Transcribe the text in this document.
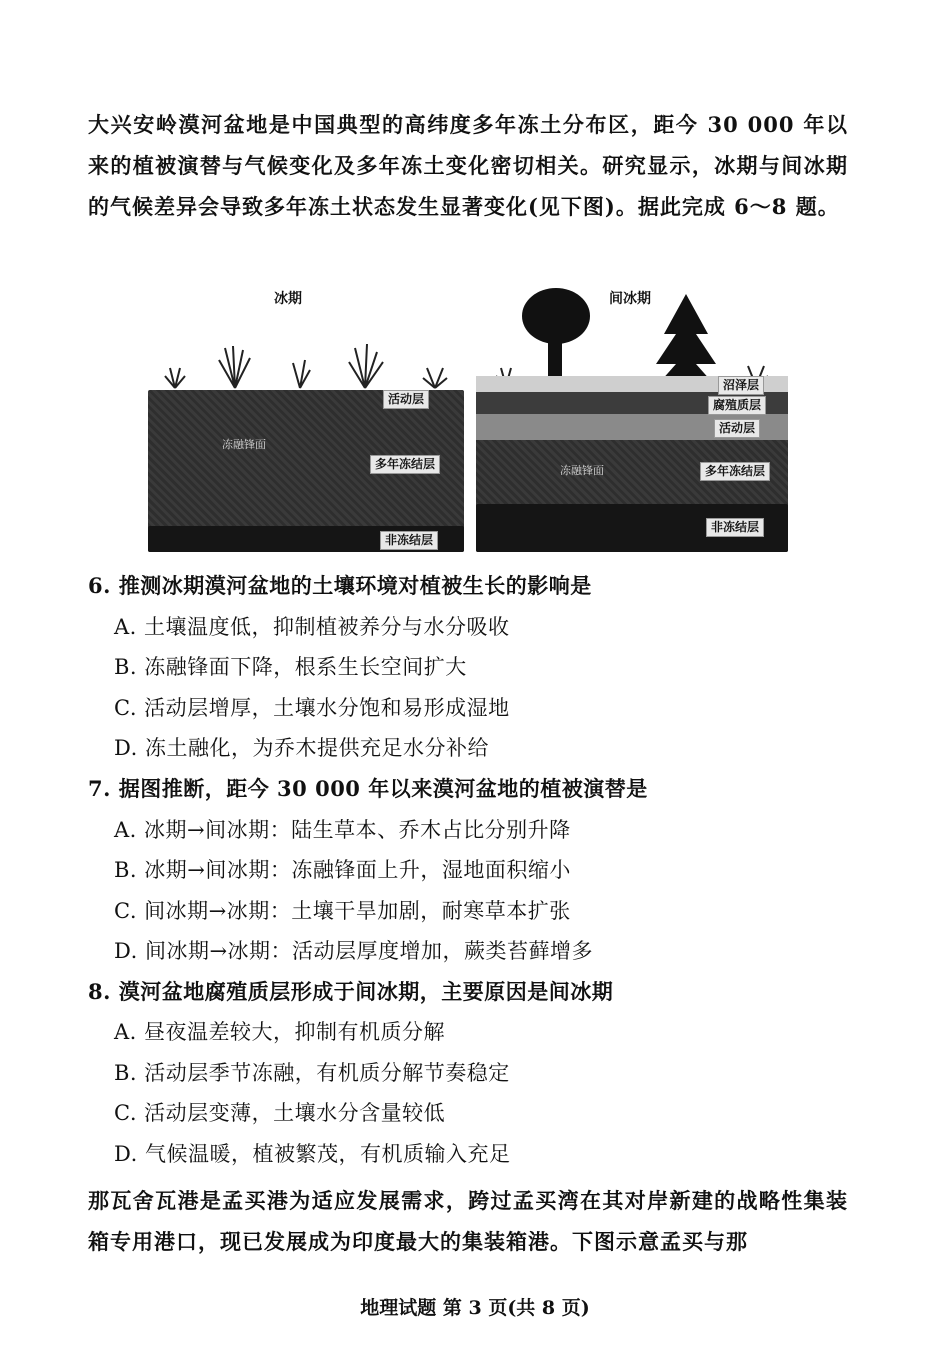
大兴安岭漠河盆地是中国典型的高纬度多年冻土分布区，距今 30 000 年以来的植被演替与气候变化及多年冻土变化密切相关。研究显示，冰期与间冰期的气候差异会导致多年冻土状态发生显著变化(见下图)。据此完成 6～8 题。
冰期
活动层
冻融锋面
多年冻结层
非冻结层
间冰期
沼泽层
腐殖质层
活动层
冻融锋面	多年冻结层
非冻结层
6. 推测冰期漠河盆地的土壤环境对植被生长的影响是
A. 土壤温度低，抑制植被养分与水分吸收
B. 冻融锋面下降，根系生长空间扩大
C. 活动层增厚，土壤水分饱和易形成湿地
D. 冻土融化，为乔木提供充足水分补给
7. 据图推断，距今 30 000 年以来漠河盆地的植被演替是
A. 冰期→间冰期：陆生草本、乔木占比分别升降
B. 冰期→间冰期：冻融锋面上升，湿地面积缩小
C. 间冰期→冰期：土壤干旱加剧，耐寒草本扩张
D. 间冰期→冰期：活动层厚度增加，蕨类苔藓增多
8. 漠河盆地腐殖质层形成于间冰期，主要原因是间冰期
A. 昼夜温差较大，抑制有机质分解
B. 活动层季节冻融，有机质分解节奏稳定
C. 活动层变薄，土壤水分含量较低
D. 气候温暖，植被繁茂，有机质输入充足
那瓦舍瓦港是孟买港为适应发展需求，跨过孟买湾在其对岸新建的战略性集装箱专用港口，现已发展成为印度最大的集装箱港。下图示意孟买与那
地理试题 第 3 页(共 8 页)
